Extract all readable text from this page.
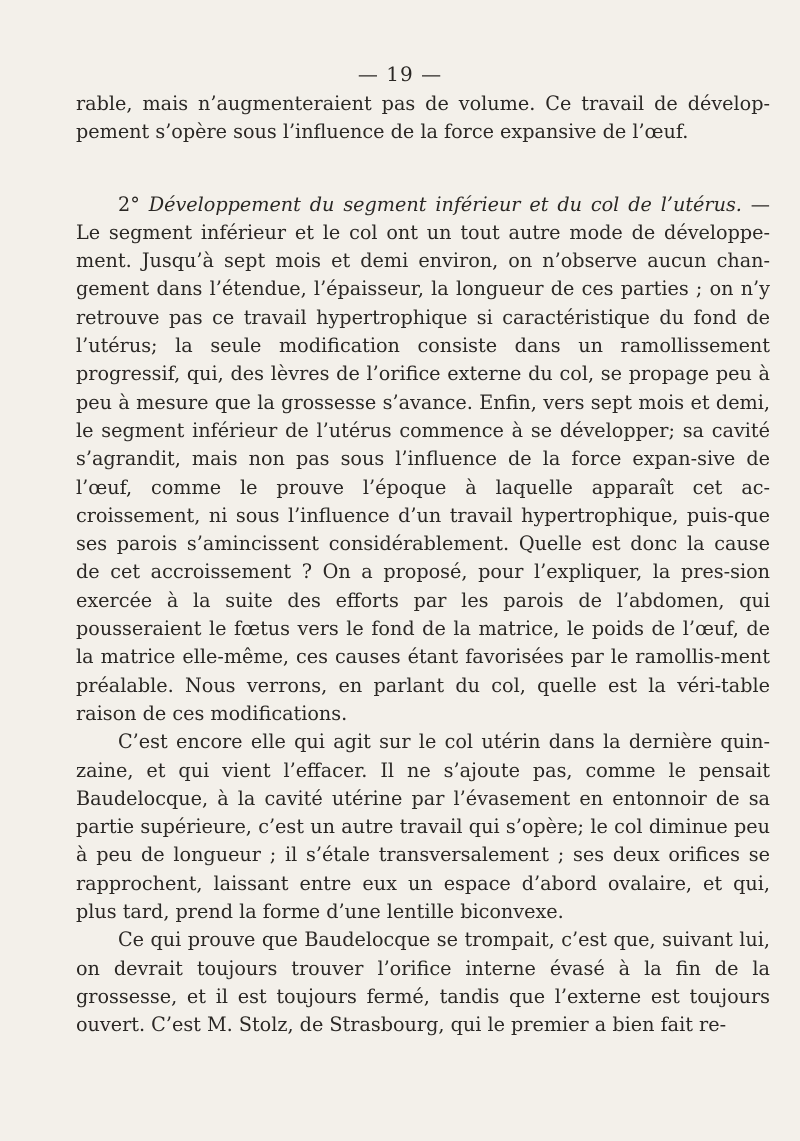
— 19 —

rable, mais n’augmenteraient pas de volume. Ce travail de dévelop-pement s’opère sous l’influence de la force expansive de l’œuf.

2° Développement du segment inférieur et du col de l’utérus. — Le segment inférieur et le col ont un tout autre mode de développe-ment. Jusqu’à sept mois et demi environ, on n’observe aucun chan-gement dans l’étendue, l’épaisseur, la longueur de ces parties ; on n’y retrouve pas ce travail hypertrophique si caractéristique du fond de l’utérus; la seule modification consiste dans un ramollissement progressif, qui, des lèvres de l’orifice externe du col, se propage peu à peu à mesure que la grossesse s’avance. Enfin, vers sept mois et demi, le segment inférieur de l’utérus commence à se développer; sa cavité s’agrandit, mais non pas sous l’influence de la force expan-sive de l’œuf, comme le prouve l’époque à laquelle apparaît cet ac-croissement, ni sous l’influence d’un travail hypertrophique, puis-que ses parois s’amincissent considérablement. Quelle est donc la cause de cet accroissement ? On a proposé, pour l’expliquer, la pres-sion exercée à la suite des efforts par les parois de l’abdomen, qui pousseraient le fœtus vers le fond de la matrice, le poids de l’œuf, de la matrice elle-même, ces causes étant favorisées par le ramollis-ment préalable. Nous verrons, en parlant du col, quelle est la véri-table raison de ces modifications.

C’est encore elle qui agit sur le col utérin dans la dernière quin-zaine, et qui vient l’effacer. Il ne s’ajoute pas, comme le pensait Baudelocque, à la cavité utérine par l’évasement en entonnoir de sa partie supérieure, c’est un autre travail qui s’opère; le col diminue peu à peu de longueur ; il s’étale transversalement ; ses deux orifices se rapprochent, laissant entre eux un espace d’abord ovalaire, et qui, plus tard, prend la forme d’une lentille biconvexe.

Ce qui prouve que Baudelocque se trompait, c’est que, suivant lui, on devrait toujours trouver l’orifice interne évasé à la fin de la grossesse, et il est toujours fermé, tandis que l’externe est toujours ouvert. C’est M. Stolz, de Strasbourg, qui le premier a bien fait re-
